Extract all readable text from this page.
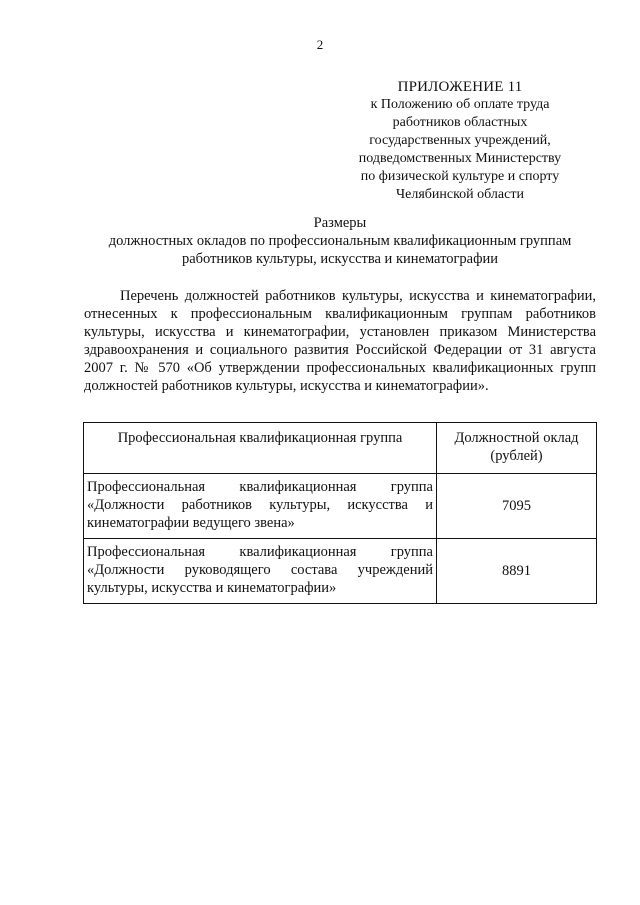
2
ПРИЛОЖЕНИЕ 11
к Положению об оплате труда
работников областных
государственных учреждений,
подведомственных Министерству
по физической культуре и спорту
Челябинской области
Размеры
должностных окладов по профессиональным квалификационным группам
работников культуры, искусства и кинематографии

Перечень должностей работников культуры, искусства и кинематографии, отнесенных к профессиональным квалификационным группам работников культуры, искусства и кинематографии, установлен приказом Министерства здравоохранения и социального развития Российской Федерации от 31 августа 2007 г. № 570 «Об утверждении профессиональных квалификационных групп должностей работников культуры, искусства и кинематографии».

Профессиональная квалификационная группа	Должностной оклад (рублей)
Профессиональная квалификационная группа «Должности работников культуры, искусства и кинематографии ведущего звена»	7095
Профессиональная квалификационная группа «Должности руководящего состава учреждений культуры, искусства и кинематографии»	8891
